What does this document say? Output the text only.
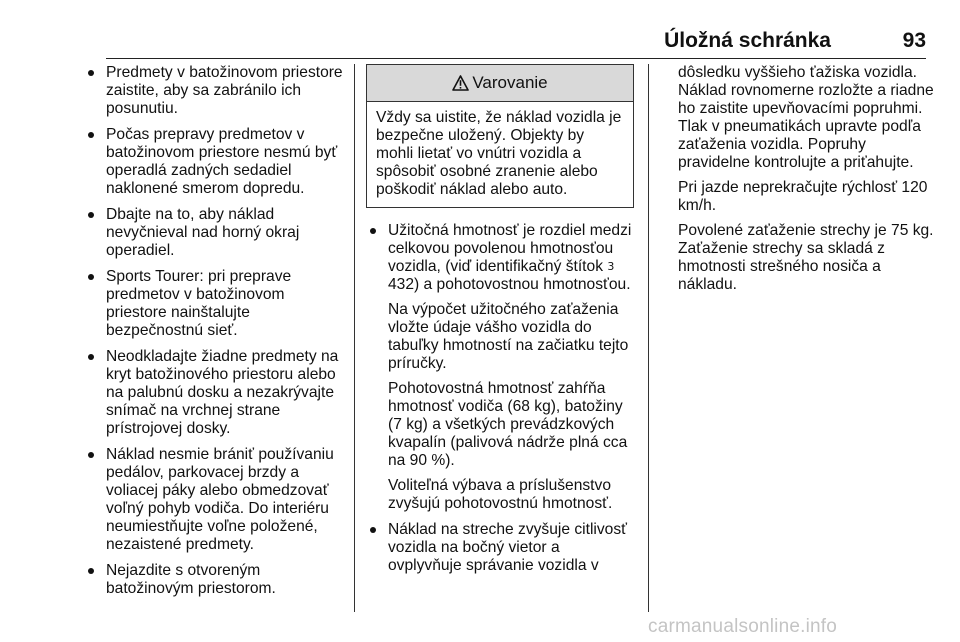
Úložná schránka	93

Predmety v batožinovom priestore zaistite, aby sa zabránilo ich posunutiu.

Počas prepravy predmetov v batožinovom priestore nesmú byť operadlá zadných sedadiel naklonené smerom dopredu.

Dbajte na to, aby náklad nevyčnieval nad horný okraj operadiel.

Sports Tourer: pri preprave predmetov v batožinovom priestore nainštalujte bezpečnostnú sieť.

Neodkladajte žiadne predmety na kryt batožinového priestoru alebo na palubnú dosku a nezakrývajte snímač na vrchnej strane prístrojovej dosky.

Náklad nesmie brániť používaniu pedálov, parkovacej brzdy a voliacej páky alebo obmedzovať voľný pohyb vodiča. Do interiéru neumiestňujte voľne položené, nezaistené predmety.

Nejazdite s otvoreným batožinovým priestorom.

Varovanie
Vždy sa uistite, že náklad vozidla je bezpečne uložený. Objekty by mohli lietať vo vnútri vozidla a spôsobiť osobné zranenie alebo poškodiť náklad alebo auto.

Užitočná hmotnosť je rozdiel medzi celkovou povolenou hmotnosťou vozidla, (viď identifikačný štítok 3 432) a pohotovostnou hmotnosťou.

Na výpočet užitočného zaťaženia vložte údaje vášho vozidla do tabuľky hmotností na začiatku tejto príručky.

Pohotovostná hmotnosť zahŕňa hmotnosť vodiča (68 kg), batožiny (7 kg) a všetkých prevádzkových kvapalín (palivová nádrže plná cca na 90 %).

Voliteľná výbava a príslušenstvo zvyšujú pohotovostnú hmotnosť.

Náklad na streche zvyšuje citlivosť vozidla na bočný vietor a ovplyvňuje správanie vozidla v

dôsledku vyššieho ťažiska vozidla. Náklad rovnomerne rozložte a riadne ho zaistite upevňovacími popruhmi. Tlak v pneumatikách upravte podľa zaťaženia vozidla. Popruhy pravidelne kontrolujte a priťahujte.

Pri jazde neprekračujte rýchlosť 120 km/h.

Povolené zaťaženie strechy je 75 kg. Zaťaženie strechy sa skladá z hmotnosti strešného nosiča a nákladu.

carmanualsonline.info
